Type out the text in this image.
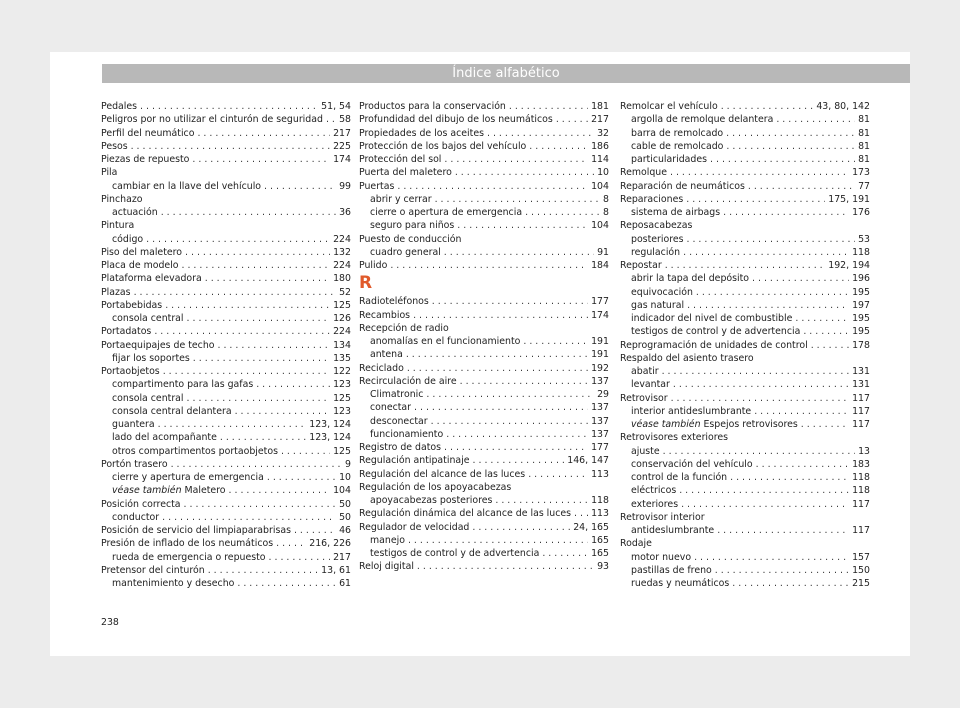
Índice alfabético
Pedales . . .	51, 54
Peligros por no utilizar el cinturón de seguridad . . . 58
Perfil del neumático . . .	217
Pesos . . .	225
Piezas de repuesto . . .	174
Pila
cambiar en la llave del vehículo . . .	99
Pinchazo
actuación . . .	36
Pintura
código . . .	224
Piso del maletero . . .	132
Placa de modelo . . .	224
Plataforma elevadora . . .	180
Plazas . . .	52
Portabebidas . . .	125
consola central . . .	126
Portadatos . . .	224
Portaequipajes de techo . . .	134
fijar los soportes . . .	135
Portaobjetos . . .	122
compartimento para las gafas . . .	123
consola central . . .	125
consola central delantera . . .	123
guantera . . .	123, 124
lado del acompañante . . .	123, 124
otros compartimentos portaobjetos . . .	125
Portón trasero . . .	9
cierre y apertura de emergencia . . .	10
véase también Maletero . . .	104
Posición correcta . . .	50
conductor . . .	50
Posición de servicio del limpiaparabrisas . . .	46
Presión de inflado de los neumáticos . . .	216, 226
rueda de emergencia o repuesto . . .	217
Pretensor del cinturón . . .	13, 61
mantenimiento y desecho . . .	61
Productos para la conservación . . .	181
Profundidad del dibujo de los neumáticos . . .	217
Propiedades de los aceites . . .	32
Protección de los bajos del vehículo . . .	186
Protección del sol . . .	114
Puerta del maletero . . .	10
Puertas . . .	104
abrir y cerrar . . .	8
cierre o apertura de emergencia . . .	8
seguro para niños . . .	104
Puesto de conducción
cuadro general . . .	91
Pulido . . .	184
R
Radioteléfonos . . .	177
Recambios . . .	174
Recepción de radio
anomalías en el funcionamiento . . .	191
antena . . .	191
Reciclado . . .	192
Recirculación de aire . . .	137
Climatronic . . .	29
conectar . . .	137
desconectar . . .	137
funcionamiento . . .	137
Registro de datos . . .	177
Regulación antipatinaje . . .	146, 147
Regulación del alcance de las luces . . .	113
Regulación de los apoyacabezas
apoyacabezas posteriores . . .	118
Regulación dinámica del alcance de las luces . . . 113
Regulador de velocidad . . .	24, 165
manejo . . .	165
testigos de control y de advertencia . . .	165
Reloj digital . . .	93
Remolcar el vehículo . . .	43, 80, 142
argolla de remolque delantera . . .	81
barra de remolcado . . .	81
cable de remolcado . . .	81
particularidades . . .	81
Remolque . . .	173
Reparación de neumáticos . . .	77
Reparaciones . . .	175, 191
sistema de airbags . . .	176
Reposacabezas
posteriores . . .	53
regulación . . .	118
Repostar . . .	192, 194
abrir la tapa del depósito . . .	196
equivocación . . .	195
gas natural . . .	197
indicador del nivel de combustible . . .	195
testigos de control y de advertencia . . .	195
Reprogramación de unidades de control . . .	178
Respaldo del asiento trasero
abatir . . .	131
levantar . . .	131
Retrovisor . . .	117
interior antideslumbrante . . .	117
véase también Espejos retrovisores . . .	117
Retrovisores exteriores
ajuste . . .	13
conservación del vehículo . . .	183
control de la función . . .	118
eléctricos . . .	118
exteriores . . .	117
Retrovisor interior
antideslumbrante . . .	117
Rodaje
motor nuevo . . .	157
pastillas de freno . . .	150
ruedas y neumáticos . . .	215
238
